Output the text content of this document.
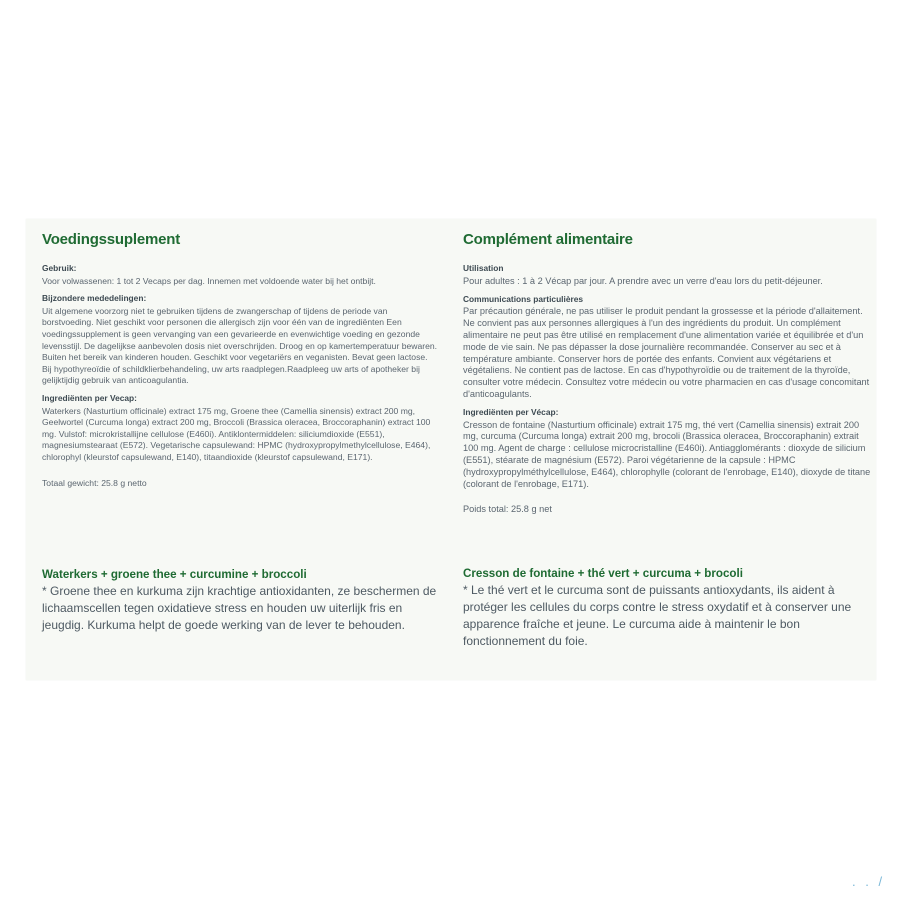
Voedingssuplement
Gebruik:
Voor volwassenen: 1 tot 2 Vecaps per dag. Innemen met voldoende water bij het ontbijt.
Bijzondere mededelingen:
Uit algemene voorzorg niet te gebruiken tijdens de zwangerschap of tijdens de periode van borstvoeding. Niet geschikt voor personen die allergisch zijn voor één van de ingrediënten Een voedingssupplement is geen vervanging van een gevarieerde en evenwichtige voeding en gezonde levensstijl. De dagelijkse aanbevolen dosis niet overschrijden. Droog en op kamertemperatuur bewaren. Buiten het bereik van kinderen houden. Geschikt voor vegetariërs en veganisten. Bevat geen lactose. Bij hypothyreoïdie of schildklierbehandeling, uw arts raadplegen.Raadpleeg uw arts of apotheker bij gelijktijdig gebruik van anticoagulantia.
Ingrediënten per Vecap:
Waterkers (Nasturtium officinale) extract 175 mg, Groene thee (Camellia sinensis) extract 200 mg, Geelwortel (Curcuma longa) extract 200 mg, Broccoli (Brassica oleracea, Broccoraphanin) extract 100 mg. Vulstof: microkristallijne cellulose (E460i). Antiklontermiddelen: siliciumdioxide (E551), magnesiumstearaat (E572). Vegetarische capsulewand: HPMC (hydroxypropylmethylcellulose, E464), chlorophyl (kleurstof capsulewand, E140), titaandioxide (kleurstof capsulewand, E171).
Totaal gewicht: 25.8 g netto
Waterkers + groene thee + curcumine + broccoli
* Groene thee en kurkuma zijn krachtige antioxidanten, ze beschermen de lichaamscellen tegen oxidatieve stress en houden uw uiterlijk fris en jeugdig. Kurkuma helpt de goede werking van de lever te behouden.
Complément alimentaire
Utilisation
Pour adultes : 1 à 2 Vécap par jour. A prendre avec un verre d'eau lors du petit-déjeuner.
Communications particulières
Par précaution générale, ne pas utiliser le produit pendant la grossesse et la période d'allaitement. Ne convient pas aux personnes allergiques à l'un des ingrédients du produit. Un complément alimentaire ne peut pas être utilisé en remplacement d'une alimentation variée et équilibrée et d'un mode de vie sain. Ne pas dépasser la dose journalière recommandée. Conserver au sec et à température ambiante. Conserver hors de portée des enfants. Convient aux végétariens et végétaliens. Ne contient pas de lactose. En cas d'hypothyroïdie ou de traitement de la thyroïde, consulter votre médecin. Consultez votre médecin ou votre pharmacien en cas d'usage concomitant d'anticoagulants.
Ingrediënten per Vécap:
Cresson de fontaine (Nasturtium officinale) extrait 175 mg, thé vert (Camellia sinensis) extrait 200 mg, curcuma (Curcuma longa) extrait 200 mg, brocoli (Brassica oleracea, Broccoraphanin) extrait 100 mg. Agent de charge : cellulose microcristalline (E460i). Antiagglomérants : dioxyde de silicium (E551), stéarate de magnésium (E572). Paroi végétarienne de la capsule : HPMC (hydroxypropylméthylcellulose, E464), chlorophylle (colorant de l'enrobage, E140), dioxyde de titane (colorant de l'enrobage, E171).
Poids total: 25.8 g net
Cresson de fontaine + thé vert + curcuma + brocoli
* Le thé vert et le curcuma sont de puissants antioxydants, ils aident à protéger les cellules du corps contre le stress oxydatif et à conserver une apparence fraîche et jeune. Le curcuma aide à maintenir le bon fonctionnement du foie.
. . /
